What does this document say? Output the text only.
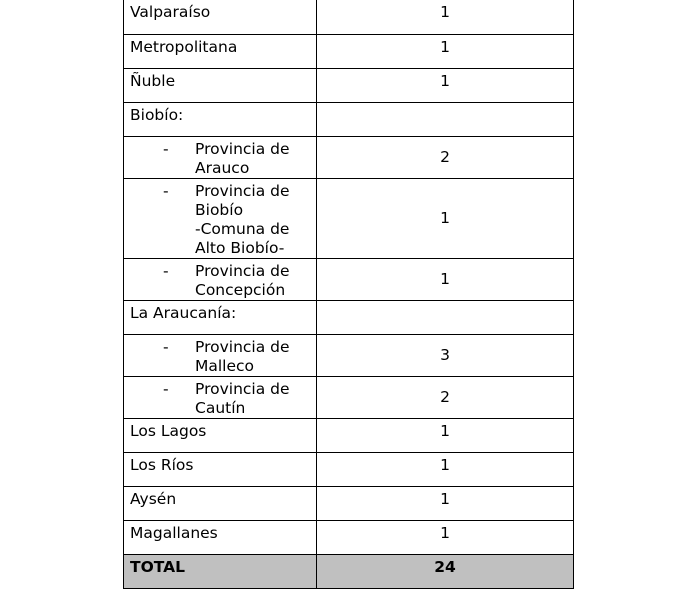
Valparaíso	1
Metropolitana	1
Ñuble	1
Biobío:	

- Provincia de
Arauco	2

- Provincia de
Biobío
-Comuna de
Alto Biobío-	1

- Provincia de
Concepción	1
La Araucanía:	

- Provincia de
Malleco	3

- Provincia de
Cautín	2
Los Lagos	1
Los Ríos	1
Aysén	1
Magallanes	1
TOTAL	24
